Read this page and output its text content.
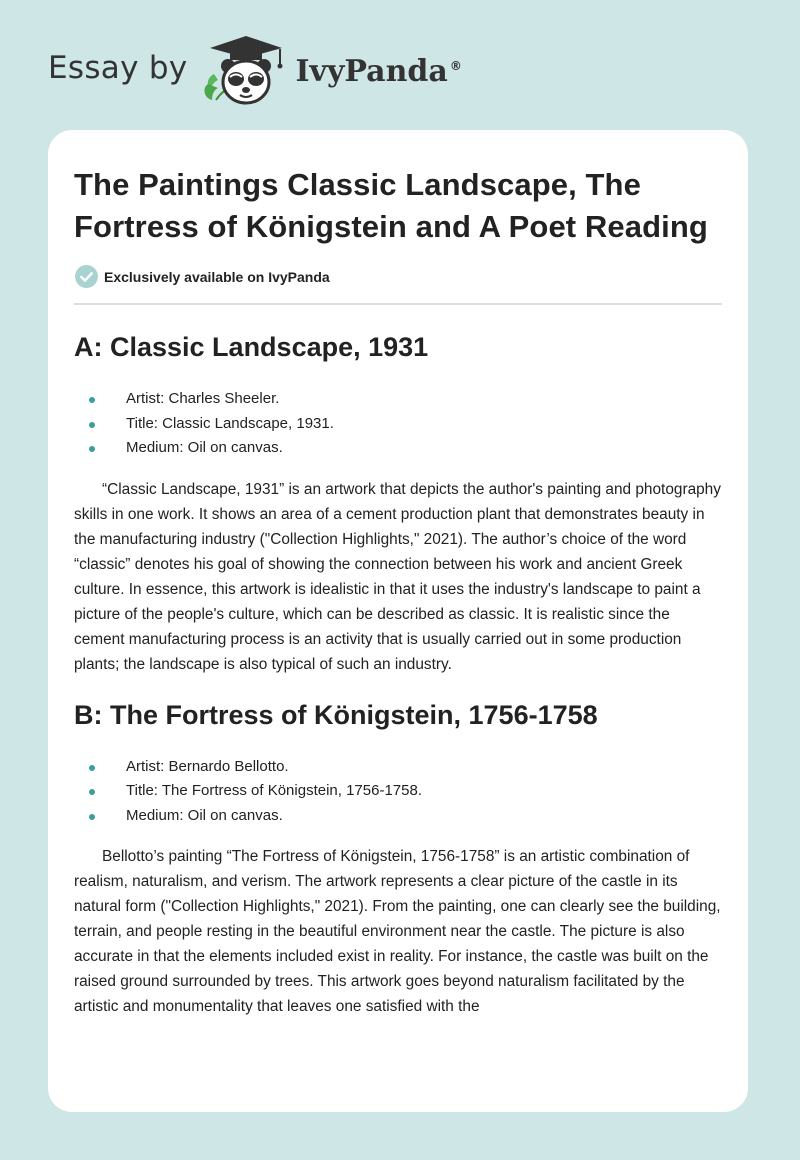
Essay by	IvyPanda ®
The Paintings Classic Landscape, The Fortress of Königstein and A Poet Reading
Exclusively available on IvyPanda
A: Classic Landscape, 1931
Artist: Charles Sheeler.
Title: Classic Landscape, 1931.
Medium: Oil on canvas.

“Classic Landscape, 1931” is an artwork that depicts the author's painting and photography skills in one work. It shows an area of a cement production plant that demonstrates beauty in the manufacturing industry ("Collection Highlights," 2021). The author’s choice of the word “classic” denotes his goal of showing the connection between his work and ancient Greek culture. In essence, this artwork is idealistic in that it uses the industry's landscape to paint a picture of the people's culture, which can be described as classic. It is realistic since the cement manufacturing process is an activity that is usually carried out in some production plants; the landscape is also typical of such an industry.

B: The Fortress of Königstein, 1756-1758
Artist: Bernardo Bellotto.
Title: The Fortress of Königstein, 1756-1758.
Medium: Oil on canvas.

Bellotto’s painting “The Fortress of Königstein, 1756-1758” is an artistic combination of realism, naturalism, and verism. The artwork represents a clear picture of the castle in its natural form ("Collection Highlights," 2021). From the painting, one can clearly see the building, terrain, and people resting in the beautiful environment near the castle. The picture is also accurate in that the elements included exist in reality. For instance, the castle was built on the raised ground surrounded by trees. This artwork goes beyond naturalism facilitated by the artistic and monumentality that leaves one satisfied with the
